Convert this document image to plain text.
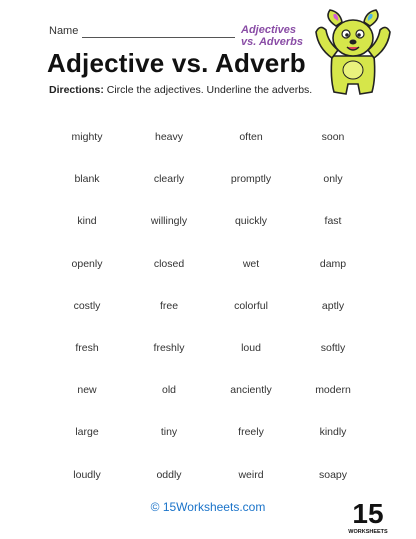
Name	Adjectives vs. Adverbs
Adjective vs. Adverb
Directions: Circle the adjectives. Underline the adverbs.
mighty	heavy	often	soon
blank	clearly	promptly	only
kind	willingly	quickly	fast
openly	closed	wet	damp
costly	free	colorful	aptly
fresh	freshly	loud	softly
new	old	anciently	modern
large	tiny	freely	kindly
loudly	oddly	weird	soapy
© 15Worksheets.com	15
WORKSHEETS
